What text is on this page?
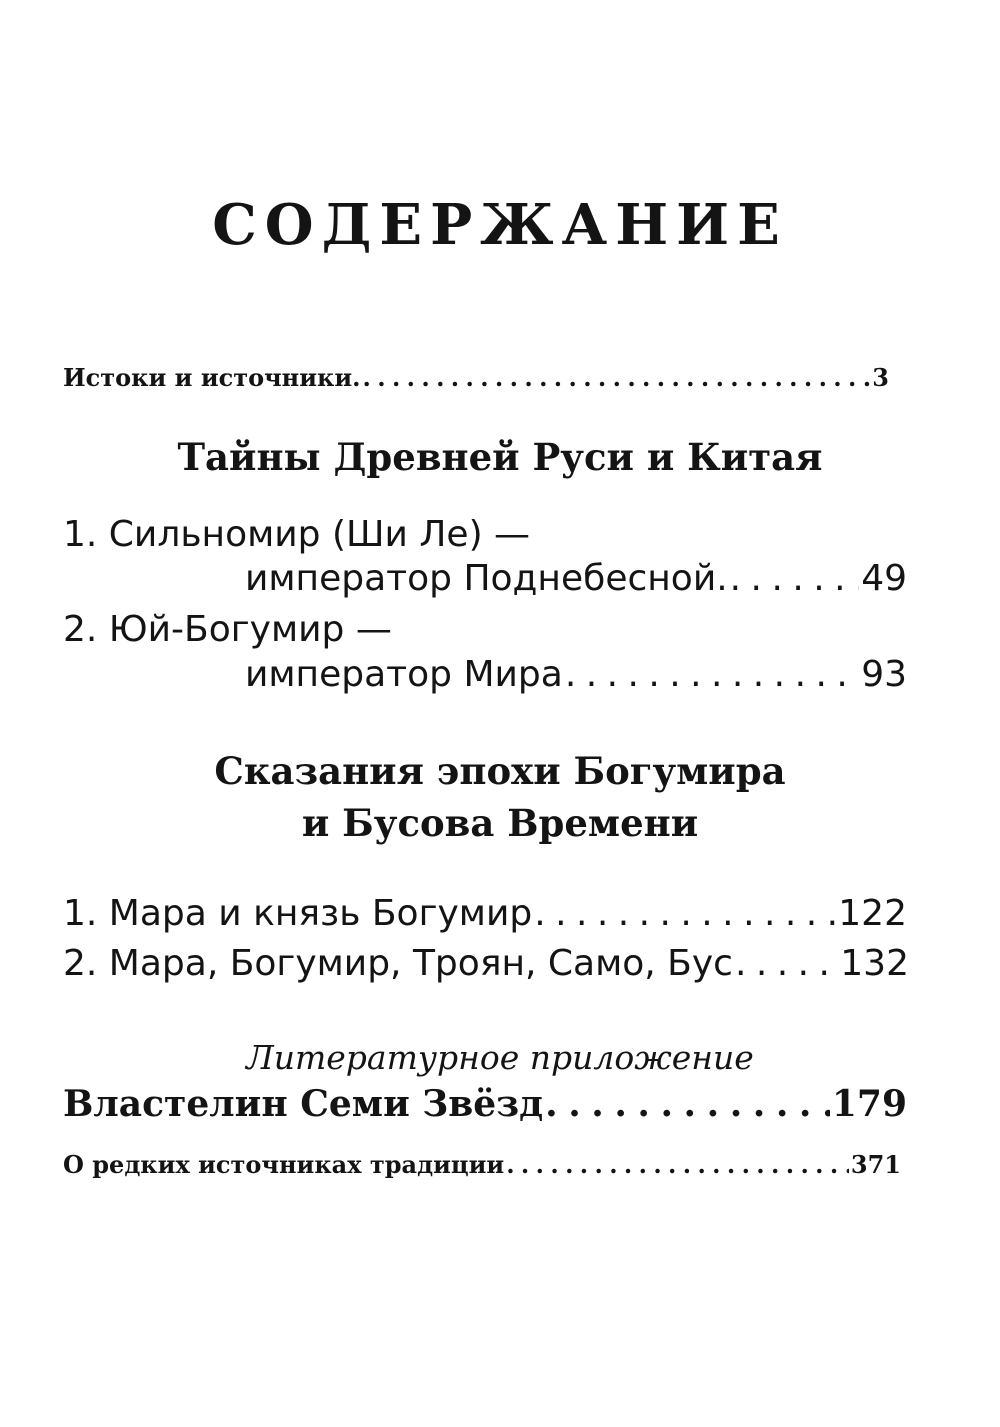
СОДЕРЖАНИЕ
Истоки и источники. . . .	3
Тайны Древней Руси и Китая
1. Сильномир (Ши Ле) —
император Поднебесной. . . .	49
2. Юй-Богумир —
император Мира . . .	93
Сказания эпохи Богумира
и Бусова Времени
1. Мара и князь Богумир . . .	122
2. Мара, Богумир, Троян, Само, Бус . . .	132
Литературное приложение
Властелин Семи Звёзд . . .	179
О редких источниках традиции . . .	371
